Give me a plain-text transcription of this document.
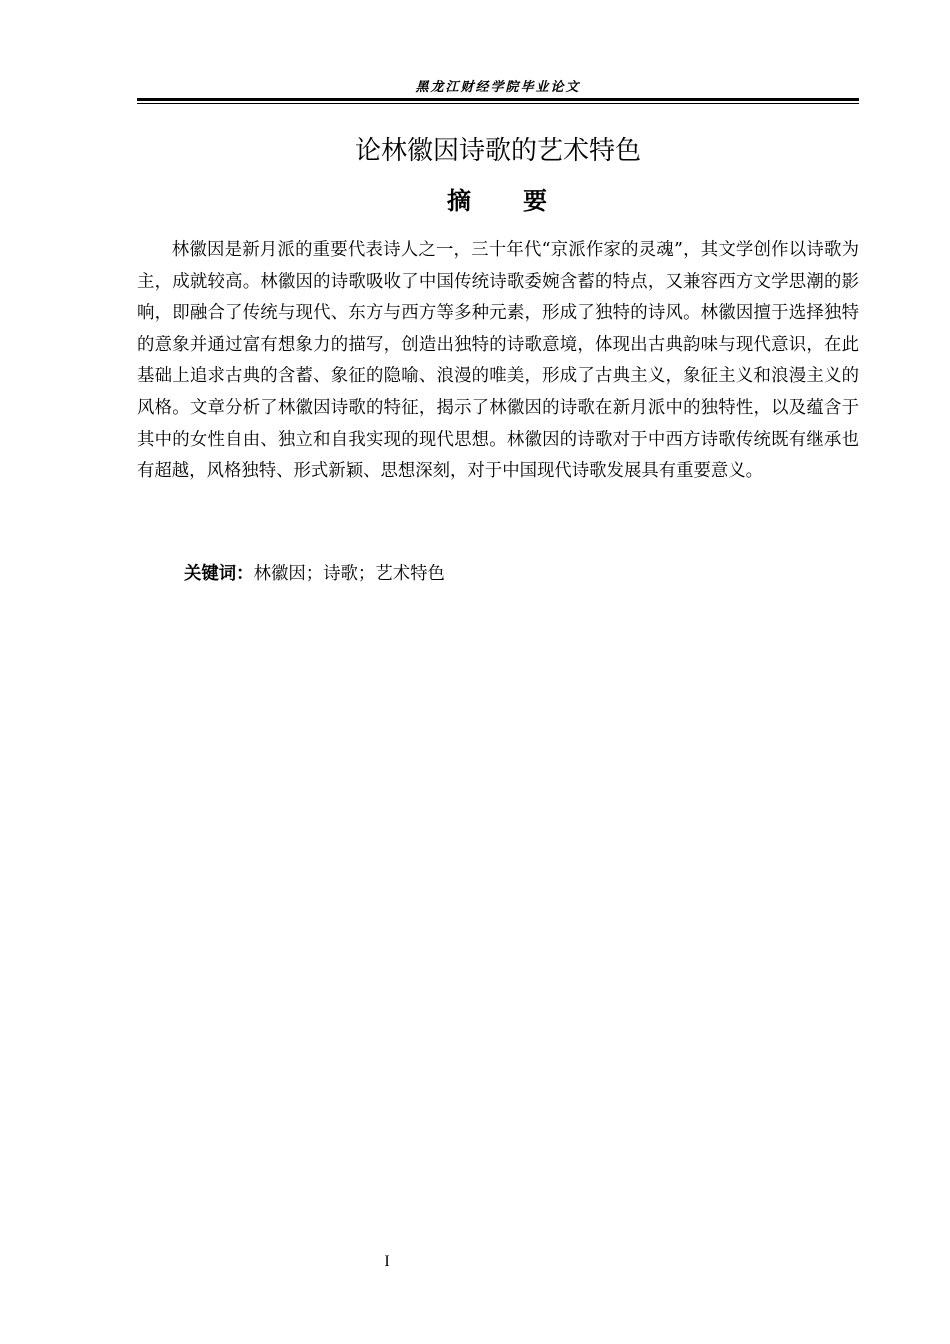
黑龙江财经学院毕业论文
论林徽因诗歌的艺术特色
摘 要

林徽因是新月派的重要代表诗人之一，三十年代“京派作家的灵魂”，其文学创作以诗歌为主，成就较高。林徽因的诗歌吸收了中国传统诗歌委婉含蓄的特点，又兼容西方文学思潮的影响，即融合了传统与现代、东方与西方等多种元素，形成了独特的诗风。林徽因擅于选择独特的意象并通过富有想象力的描写，创造出独特的诗歌意境，体现出古典韵味与现代意识，在此基础上追求古典的含蓄、象征的隐喻、浪漫的唯美，形成了古典主义，象征主义和浪漫主义的风格。文章分析了林徽因诗歌的特征，揭示了林徽因的诗歌在新月派中的独特性，以及蕴含于其中的女性自由、独立和自我实现的现代思想。林徽因的诗歌对于中西方诗歌传统既有继承也有超越，风格独特、形式新颖、思想深刻，对于中国现代诗歌发展具有重要意义。

关键词：林徽因；诗歌；艺术特色
I
